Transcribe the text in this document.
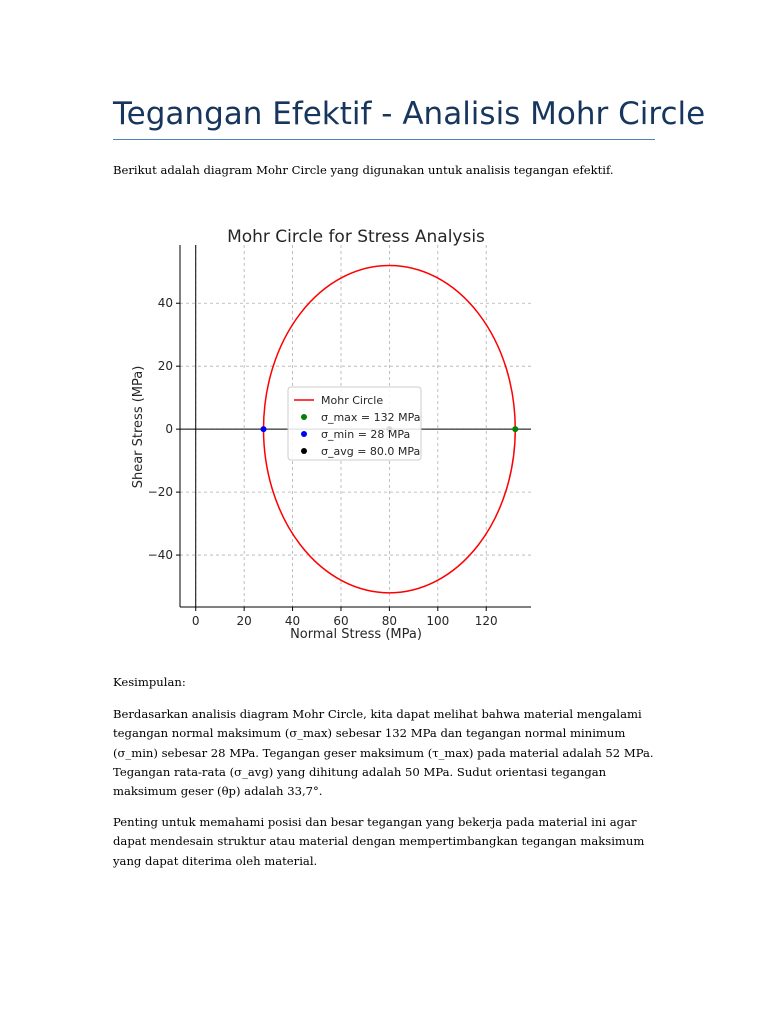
Tegangan Efektif - Analisis Mohr Circle

Berikut adalah diagram Mohr Circle yang digunakan untuk analisis tegangan efektif.

Mohr Circle for Stress Analysis
0	20	40	60	80 100 120
−40
−20
0
20
40
Normal Stress (MPa)
Shear Stress (MPa)	Mohr Circle
σ_max = 132 MPa
σ_min = 28 MPa
σ_avg = 80.0 MPa

Kesimpulan:

Berdasarkan analisis diagram Mohr Circle, kita dapat melihat bahwa material mengalami tegangan normal maksimum (σ_max) sebesar 132 MPa dan tegangan normal minimum (σ_min) sebesar 28 MPa. Tegangan geser maksimum (τ_max) pada material adalah 52 MPa. Tegangan rata-rata (σ_avg) yang dihitung adalah 50 MPa. Sudut orientasi tegangan maksimum geser (θp) adalah 33,7°.

Penting untuk memahami posisi dan besar tegangan yang bekerja pada material ini agar dapat mendesain struktur atau material dengan mempertimbangkan tegangan maksimum yang dapat diterima oleh material.
